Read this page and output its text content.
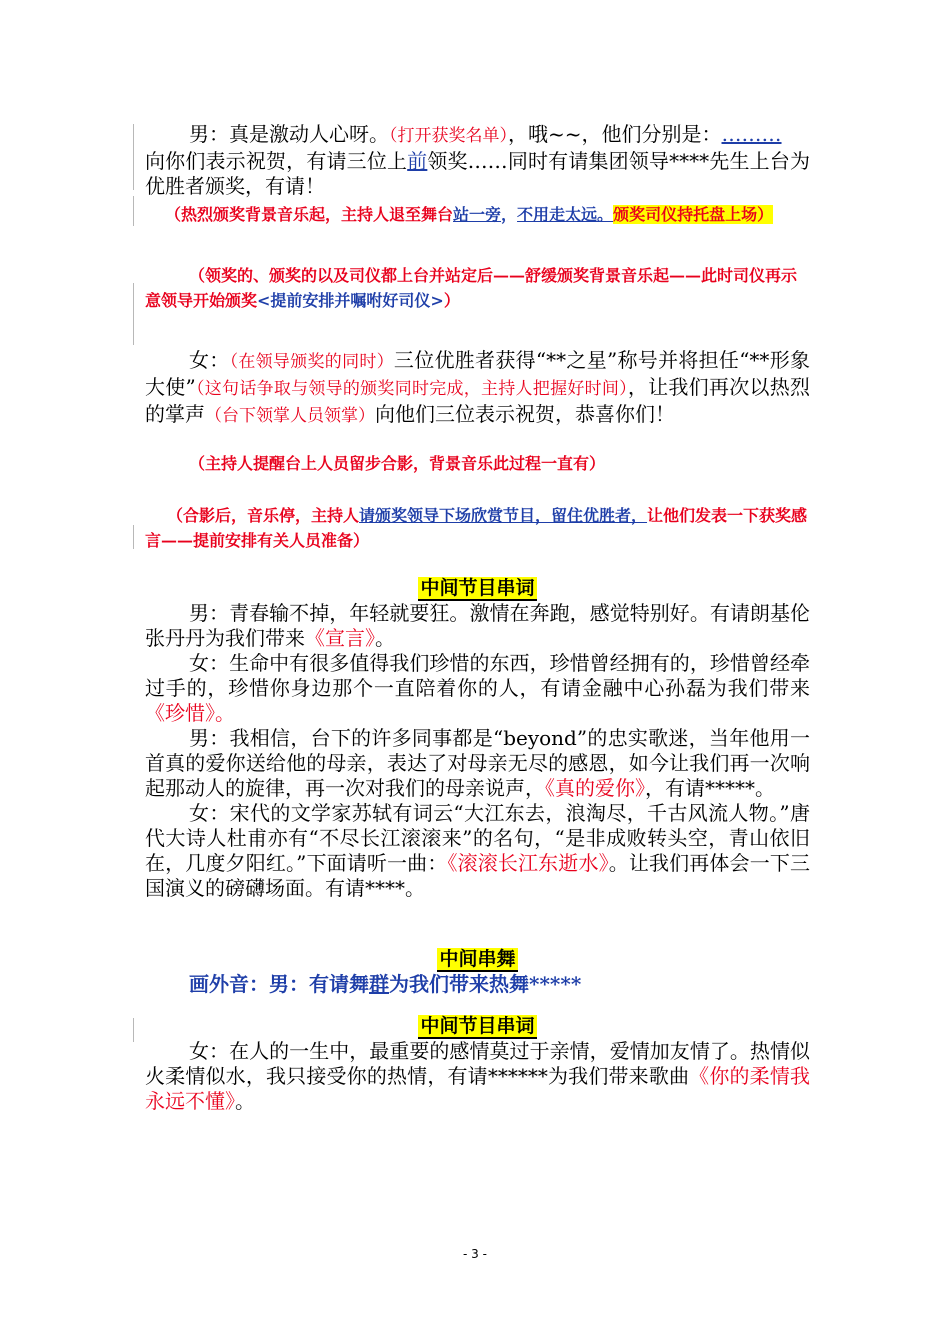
男：真是激动人心呀。（打开获奖名单），哦~~，他们分别是：………
向你们表示祝贺，有请三位上前领奖……同时有请集团领导****先生上台为优胜者颁奖，有请！

（热烈颁奖背景音乐起，主持人退至舞台站一旁，不用走太远。颁奖司仪持托盘上场）

（领奖的、颁奖的以及司仪都上台并站定后——舒缓颁奖背景音乐起——此时司仪再示意领导开始颁奖<提前安排并嘱咐好司仪>）

女：（在领导颁奖的同时）三位优胜者获得“**之星”称号并将担任“**形象大使”（这句话争取与领导的颁奖同时完成，主持人把握好时间），让我们再次以热烈的掌声（台下领掌人员领掌）向他们三位表示祝贺，恭喜你们！

（主持人提醒台上人员留步合影，背景音乐此过程一直有）

（合影后，音乐停，主持人请颁奖领导下场欣赏节目，留住优胜者，让他们发表一下获奖感言——提前安排有关人员准备）

中间节目串词

男：青春输不掉，年轻就要狂。激情在奔跑，感觉特别好。有请朗基伦张丹丹为我们带来《宣言》。

女：生命中有很多值得我们珍惜的东西，珍惜曾经拥有的，珍惜曾经牵过手的，珍惜你身边那个一直陪着你的人，有请金融中心孙磊为我们带来《珍惜》。

男：我相信，台下的许多同事都是“beyond”的忠实歌迷，当年他用一首真的爱你送给他的母亲，表达了对母亲无尽的感恩，如今让我们再一次响起那动人的旋律，再一次对我们的母亲说声，《真的爱你》，有请*****。

女：宋代的文学家苏轼有词云“大江东去，浪淘尽，千古风流人物。”唐代大诗人杜甫亦有“不尽长江滚滚来”的名句，“是非成败转头空，青山依旧在，几度夕阳红。”下面请听一曲：《滚滚长江东逝水》。让我们再体会一下三国演义的磅礴场面。有请****。

中间串舞

画外音：男：有请舞群为我们带来热舞*****

中间节目串词

女：在人的一生中，最重要的感情莫过于亲情，爱情加友情了。热情似火柔情似水，我只接受你的热情，有请******为我们带来歌曲《你的柔情我永远不懂》。

- 3 -
